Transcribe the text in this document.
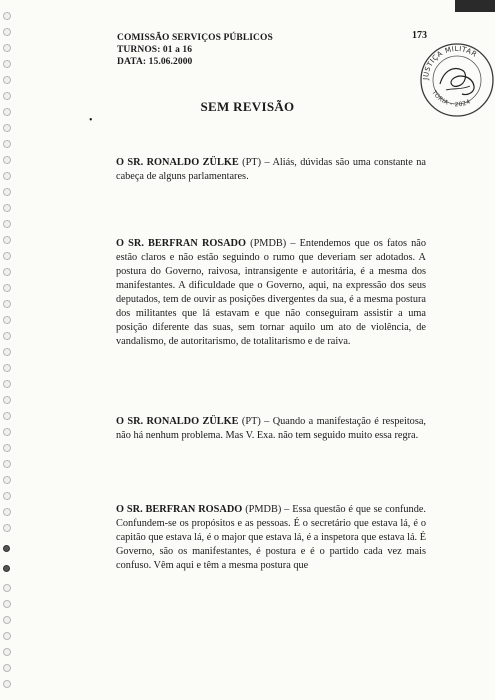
COMISSÃO SERVIÇOS PÚBLICOS
TURNOS: 01 a 16
DATA: 15.06.2000
173
JUSTIÇA MILITAR
TORIA - 2024
•
SEM REVISÃO
O SR. RONALDO ZÜLKE (PT) – Aliás, dúvidas são uma constante na cabeça de alguns parlamentares.
O SR. BERFRAN ROSADO (PMDB) – Entendemos que os fatos não estão claros e não estão seguindo o rumo que deveriam ser adotados. A postura do Governo, raivosa, intransigente e autoritária, é a mesma dos manifestantes. A dificuldade que o Governo, aqui, na expressão dos seus deputados, tem de ouvir as posições divergentes da sua, é a mesma postura dos militantes que lá estavam e que não conseguiram assistir a uma posição diferente das suas, sem tornar aquilo um ato de violência, de vandalismo, de autoritarismo, de totalitarismo e de raiva.
O SR. RONALDO ZÜLKE (PT) – Quando a manifestação é respeitosa, não há nenhum problema. Mas V. Exa. não tem seguido muito essa regra.
O SR. BERFRAN ROSADO (PMDB) – Essa questão é que se confunde. Confundem-se os propósitos e as pessoas. É o secretário que estava lá, é o capitão que estava lá, é o major que estava lá, é a inspetora que estava lá. É Governo, são os manifestantes, é postura e é o partido cada vez mais confuso. Vêm aqui e têm a mesma postura que
